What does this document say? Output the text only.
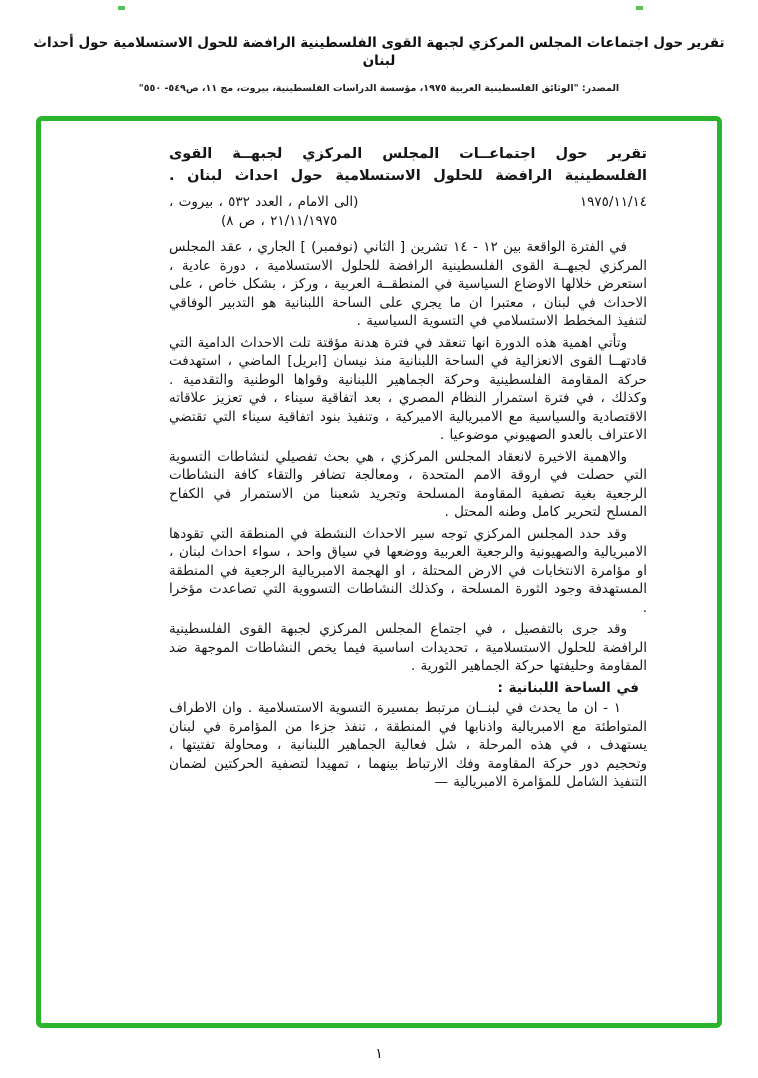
تقرير حول اجتماعات المجلس المركزي لجبهة القوى الفلسطينية الرافضة للحول الاستسلامية حول أحداث لبنان
المصدر: "الوثائق الفلسطينية العربية ١٩٧٥، مؤسسة الدراسات الفلسطينية، بيروت، مج ١١، ص٥٤٩- ٥٥٠"
تقرير حول اجتماعــات المجلس المركزي لجبهــة القوى
الفلسطينية الرافضة للحلول الاستسلامية حول احداث لبنان .
١٩٧٥/١١/١٤
(الى الامام ، العدد ٥٣٢ ، بيروت ،
٢١/١١/١٩٧٥ ، ص ٨)

في الفترة الواقعة بين ١٢ - ١٤ تشرين [ الثاني (نوفمبر) ] الجاري ، عقد المجلس المركزي لجبهــة القوى الفلسطينية الرافضة للحلول الاستسلامية ، دورة عادية ، استعرض خلالها الاوضاع السياسية في المنطقــة العربية ، وركز ، بشكل خاص ، على الاحداث في لبنان ، معتبرا ان ما يجري على الساحة اللبنانية هو التدبير الوفاقي لتنفيذ المخطط الاستسلامي في التسوية السياسية .

وتأتي اهمية هذه الدورة انها تنعقد في فترة هدنة مؤقتة تلت الاحداث الدامية التي قادتهــا القوى الانعزالية في الساحة اللبنانية منذ نيسان [ابريل] الماضي ، استهدفت حركة المقاومة الفلسطينية وحركة الجماهير اللبنانية وقواها الوطنية والتقدمية . وكذلك ، في فترة استمرار النظام المصري ، بعد اتفاقية سيناء ، في تعزيز علاقاته الاقتصادية والسياسية مع الامبريالية الاميركية ، وتنفيذ بنود اتفاقية سيناء التي تقتضي الاعتراف بالعدو الصهيوني موضوعيا .

والاهمية الاخيرة لانعقاد المجلس المركزي ، هي بحث تفصيلي لنشاطات التسوية التي حصلت في اروقة الامم المتحدة ، ومعالجة تضافر والتقاء كافة النشاطات الرجعية بغية تصفية المقاومة المسلحة وتجريد شعبنا من الاستمرار في الكفاح المسلح لتحرير كامل وطنه المحتل .

وقد حدد المجلس المركزي توجه سير الاحداث النشطة في المنطقة التي تقودها الامبريالية والصهيونية والرجعية العربية ووضعها في سياق واحد ، سواء احداث لبنان ، او مؤامرة الانتخابات في الارض المحتلة ، او الهجمة الامبريالية الرجعية في المنطقة المستهدفة وجود الثورة المسلحة ، وكذلك النشاطات التسووية التي تصاعدت مؤخرا .

وقد جرى بالتفصيل ، في اجتماع المجلس المركزي لجبهة القوى الفلسطينية الرافضة للحلول الاستسلامية ، تحديدات اساسية فيما يخص النشاطات الموجهة ضد المقاومة وحليفتها حركة الجماهير الثورية .

في الساحة اللبنانية :

١ - ان ما يحدث في لبنــان مرتبط بمسيرة التسوية الاستسلامية . وان الاطراف المتواطئة مع الامبريالية واذنابها في المنطقة ، تنفذ جزءا من المؤامرة في لبنان يستهدف ، في هذه المرحلة ، شل فعالية الجماهير اللبنانية ، ومحاولة تفتيتها ، وتحجيم دور حركة المقاومة وفك الارتباط بينهما ، تمهيدا لتصفية الحركتين لضمان التنفيذ الشامل للمؤامرة الامبريالية —

١
